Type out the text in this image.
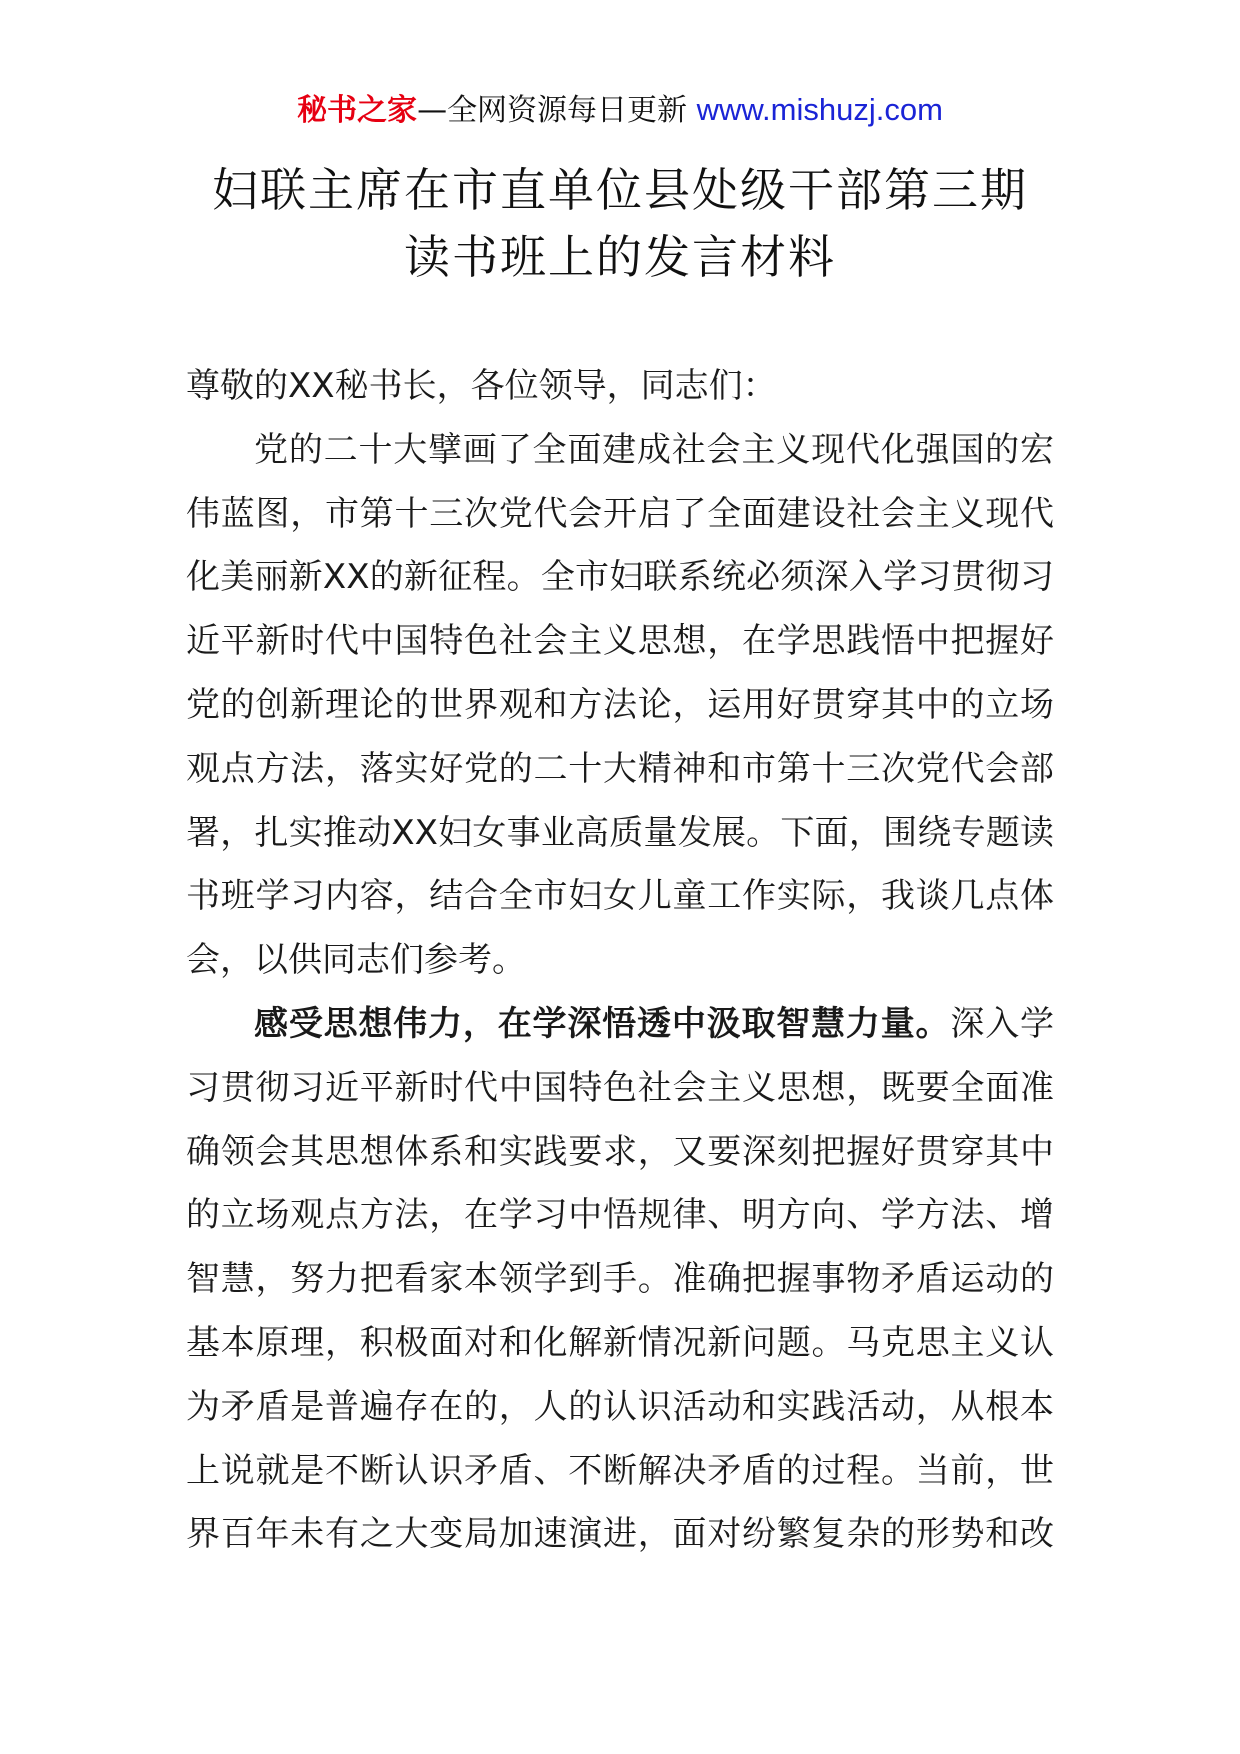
秘书之家—全网资源每日更新 www.mishuzj.com
妇联主席在市直单位县处级干部第三期
读书班上的发言材料
尊敬的XX秘书长，各位领导，同志们：
党的二十大擘画了全面建成社会主义现代化强国的宏
伟蓝图，市第十三次党代会开启了全面建设社会主义现代
化美丽新XX的新征程。全市妇联系统必须深入学习贯彻习
近平新时代中国特色社会主义思想，在学思践悟中把握好
党的创新理论的世界观和方法论，运用好贯穿其中的立场
观点方法，落实好党的二十大精神和市第十三次党代会部
署，扎实推动XX妇女事业高质量发展。下面，围绕专题读
书班学习内容，结合全市妇女儿童工作实际，我谈几点体
会，以供同志们参考。
感受思想伟力，在学深悟透中汲取智慧力量。深入学
习贯彻习近平新时代中国特色社会主义思想，既要全面准
确领会其思想体系和实践要求，又要深刻把握好贯穿其中
的立场观点方法，在学习中悟规律、明方向、学方法、增
智慧，努力把看家本领学到手。准确把握事物矛盾运动的
基本原理，积极面对和化解新情况新问题。马克思主义认
为矛盾是普遍存在的，人的认识活动和实践活动，从根本
上说就是不断认识矛盾、不断解决矛盾的过程。当前，世
界百年未有之大变局加速演进，面对纷繁复杂的形势和改
